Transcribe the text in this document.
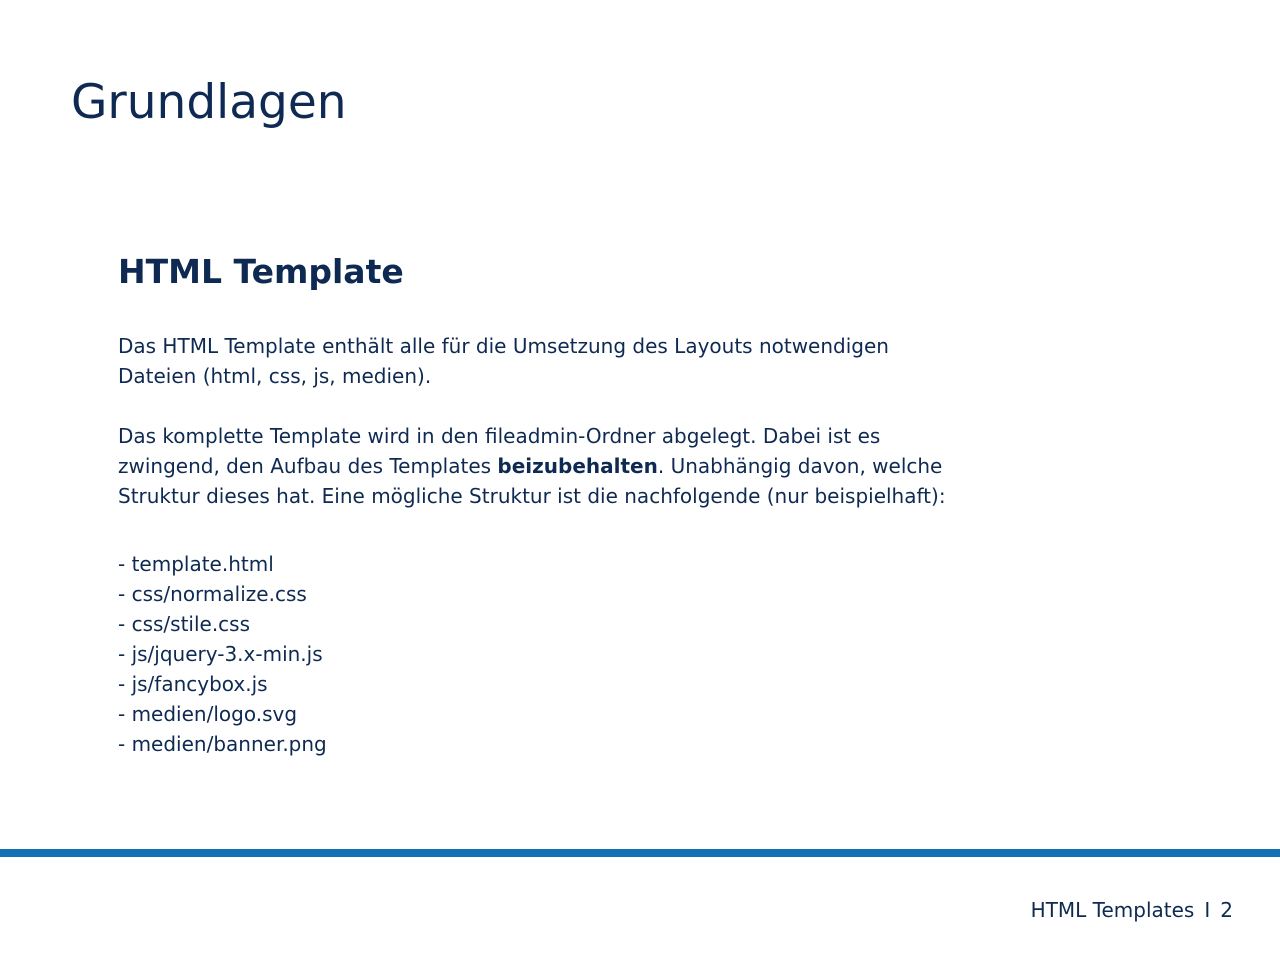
Grundlagen
HTML Template

Das HTML Template enthält alle für die Umsetzung des Layouts notwendigen
Dateien (html, css, js, medien).

Das komplette Template wird in den fileadmin-Ordner abgelegt. Dabei ist es
zwingend, den Aufbau des Templates beizubehalten. Unabhängig davon, welche
Struktur dieses hat. Eine mögliche Struktur ist die nachfolgende (nur beispielhaft):

- template.html
- css/normalize.css
- css/stile.css
- js/jquery-3.x-min.js
- js/fancybox.js
- medien/logo.svg
- medien/banner.png
HTML Templates I 2
